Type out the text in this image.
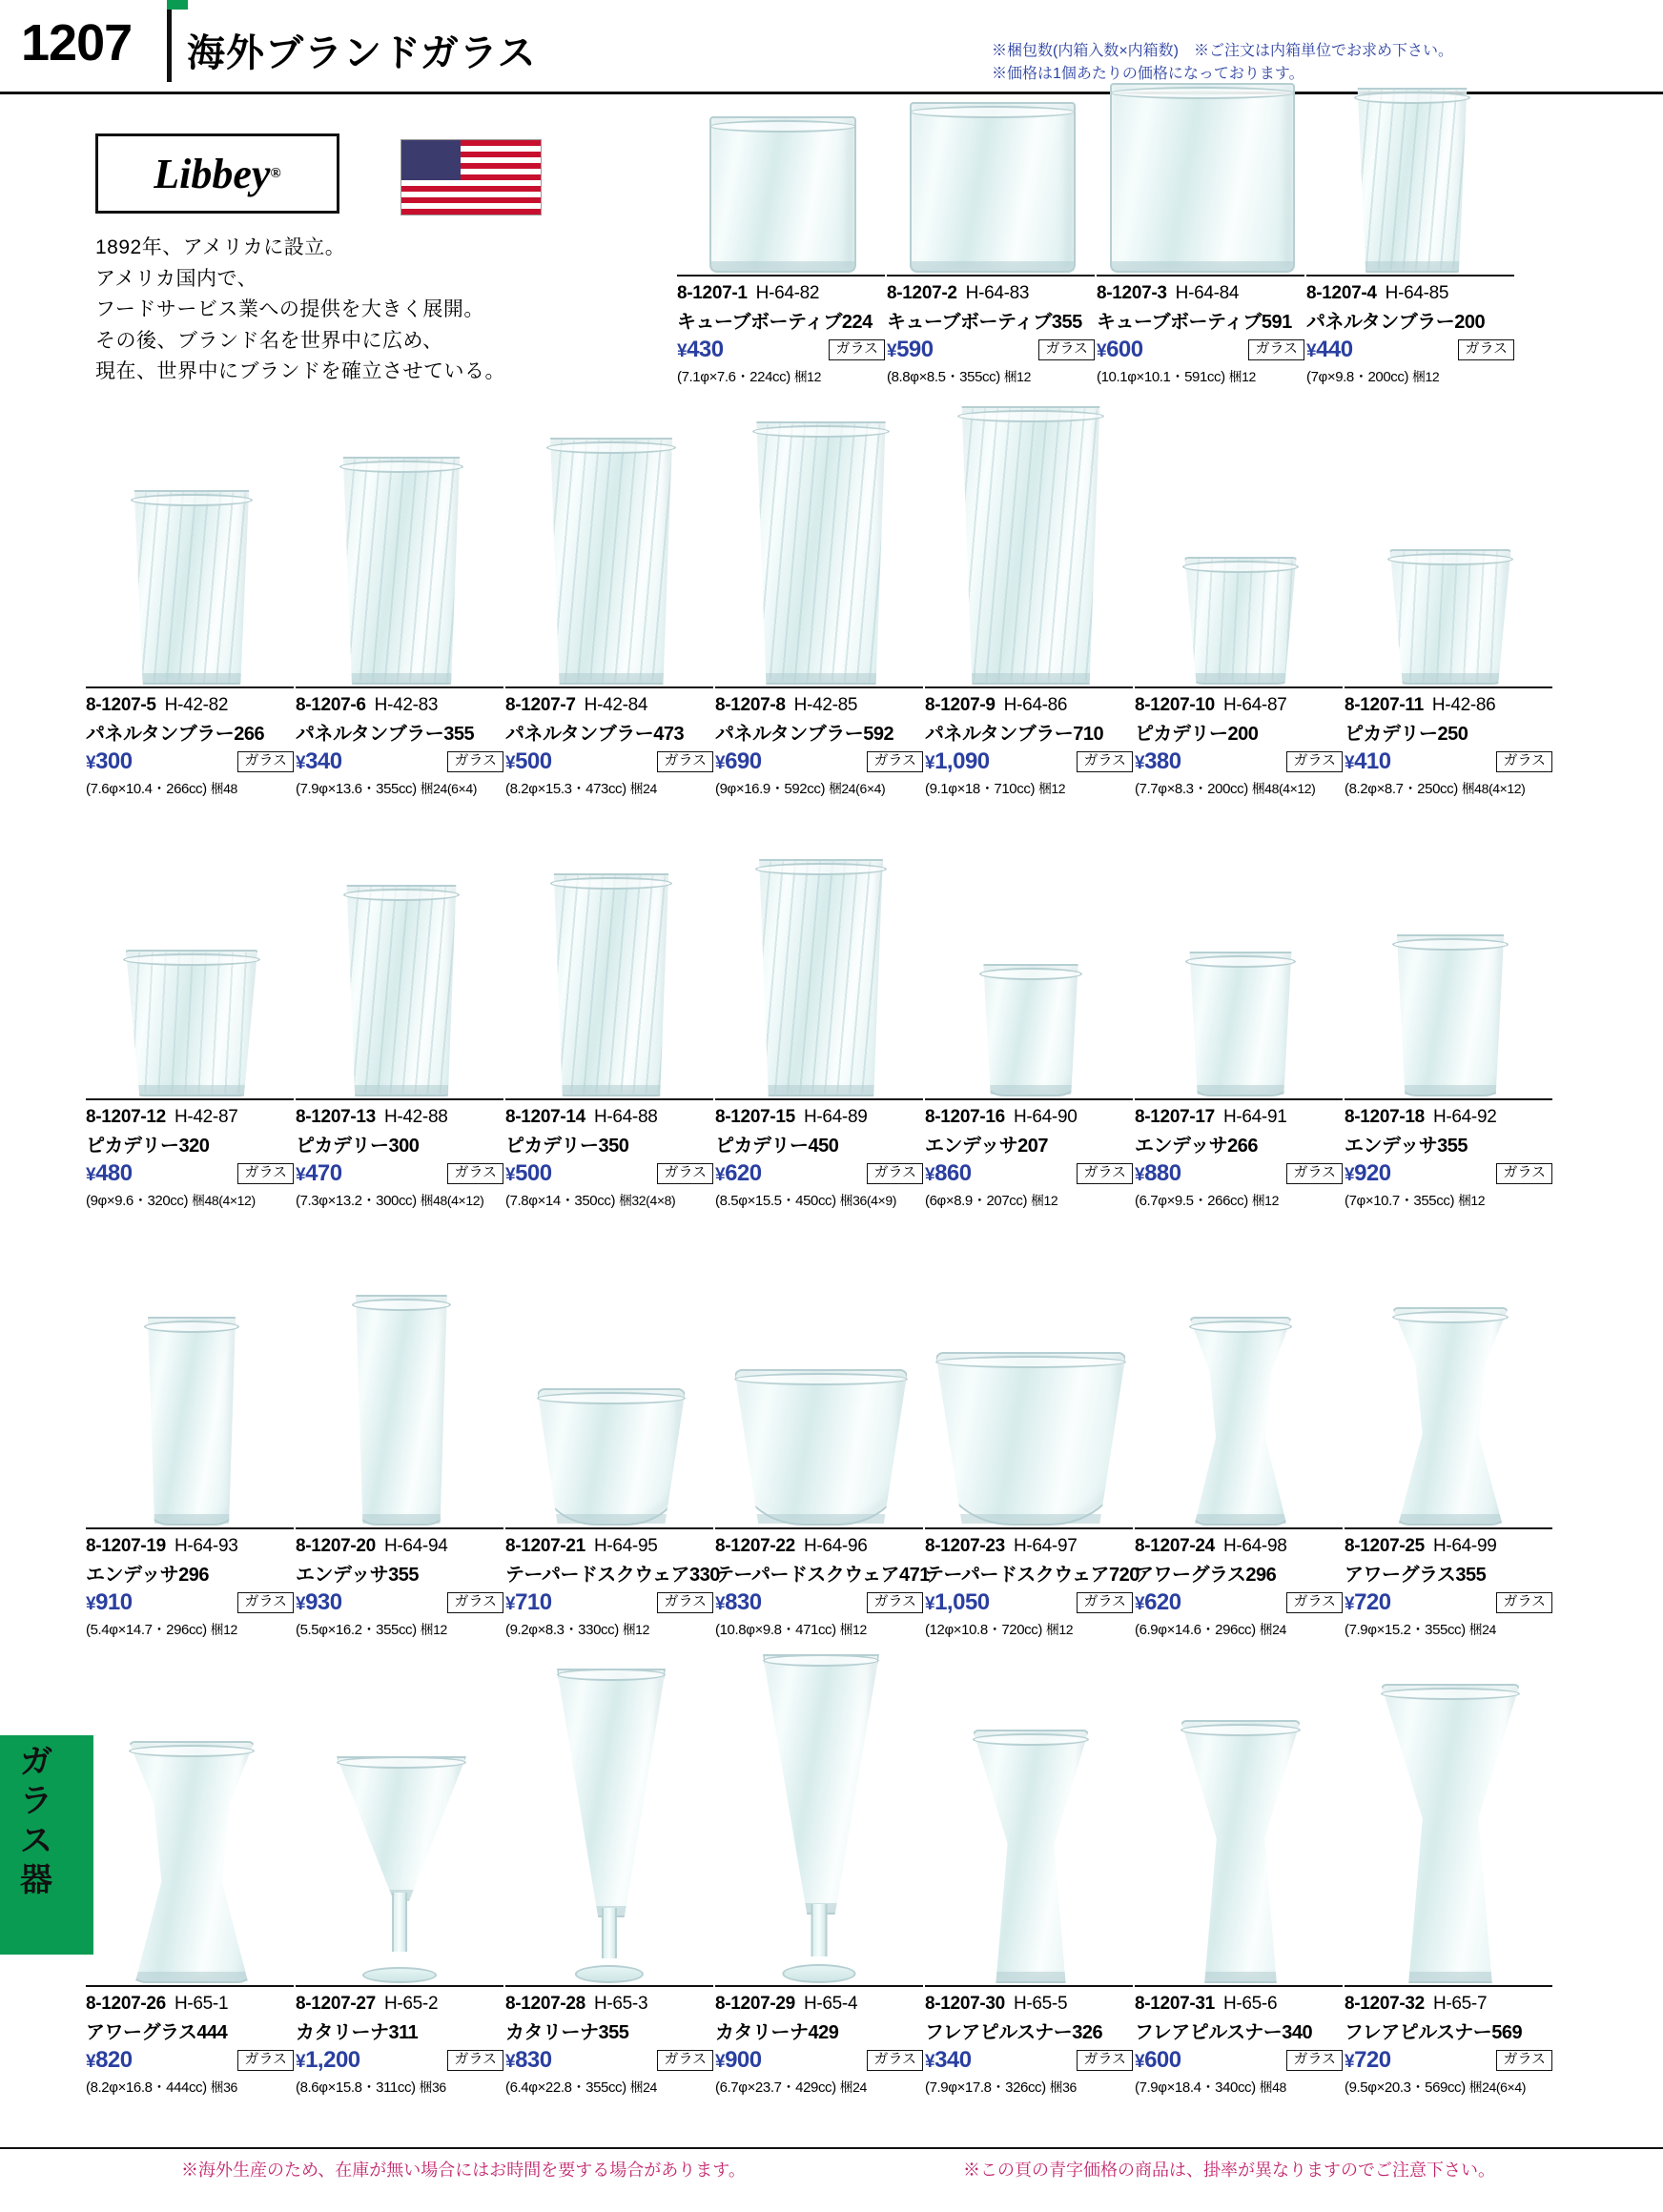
1207 海外ブランドガラス	※梱包数(内箱入数×内箱数)　※ご注文は内箱単位でお求め下さい。
※価格は1個あたりの価格になっております。
Libbey ®
1892年、アメリカに設立。
アメリカ国内で、
フードサービス業への提供を大きく展開。
その後、ブランド名を世界中に広め、
現在、世界中にブランドを確立させている。
ガラス器
8-1207-1 H-64-82
キューブボーティブ224
¥430	ガラス
(7.1φ×7.6・224cc) 梱12
8-1207-2 H-64-83
キューブボーティブ355
¥590	ガラス
(8.8φ×8.5・355cc) 梱12
8-1207-3 H-64-84
キューブボーティブ591
¥600	ガラス
(10.1φ×10.1・591cc) 梱12
8-1207-4 H-64-85
パネルタンブラー200
¥440	ガラス
(7φ×9.8・200cc) 梱12
8-1207-5 H-42-82
パネルタンブラー266
¥300	ガラス
(7.6φ×10.4・266cc) 梱48
8-1207-6 H-42-83
パネルタンブラー355
¥340	ガラス
(7.9φ×13.6・355cc) 梱24(6×4)
8-1207-7 H-42-84
パネルタンブラー473
¥500	ガラス
(8.2φ×15.3・473cc) 梱24
8-1207-8 H-42-85
パネルタンブラー592
¥690	ガラス
(9φ×16.9・592cc) 梱24(6×4)
8-1207-9 H-64-86
パネルタンブラー710
¥1,090	ガラス
(9.1φ×18・710cc) 梱12
8-1207-10 H-64-87
ピカデリー200
¥380	ガラス
(7.7φ×8.3・200cc) 梱48(4×12)
8-1207-11 H-42-86
ピカデリー250
¥410	ガラス
(8.2φ×8.7・250cc) 梱48(4×12)
8-1207-12 H-42-87
ピカデリー320
¥480	ガラス
(9φ×9.6・320cc) 梱48(4×12)
8-1207-13 H-42-88
ピカデリー300
¥470	ガラス
(7.3φ×13.2・300cc) 梱48(4×12)
8-1207-14 H-64-88
ピカデリー350
¥500	ガラス
(7.8φ×14・350cc) 梱32(4×8)
8-1207-15 H-64-89
ピカデリー450
¥620	ガラス
(8.5φ×15.5・450cc) 梱36(4×9)
8-1207-16 H-64-90
エンデッサ207
¥860	ガラス
(6φ×8.9・207cc) 梱12
8-1207-17 H-64-91
エンデッサ266
¥880	ガラス
(6.7φ×9.5・266cc) 梱12
8-1207-18 H-64-92
エンデッサ355
¥920	ガラス
(7φ×10.7・355cc) 梱12
8-1207-19 H-64-93
エンデッサ296
¥910	ガラス
(5.4φ×14.7・296cc) 梱12
8-1207-20 H-64-94
エンデッサ355
¥930	ガラス
(5.5φ×16.2・355cc) 梱12
8-1207-21 H-64-95
テーパードスクウェア330
¥710	ガラス
(9.2φ×8.3・330cc) 梱12
8-1207-22 H-64-96
テーパードスクウェア471
¥830	ガラス
(10.8φ×9.8・471cc) 梱12
8-1207-23 H-64-97
テーパードスクウェア720
¥1,050	ガラス
(12φ×10.8・720cc) 梱12
8-1207-24 H-64-98
アワーグラス296
¥620	ガラス
(6.9φ×14.6・296cc) 梱24
8-1207-25 H-64-99
アワーグラス355
¥720	ガラス
(7.9φ×15.2・355cc) 梱24
8-1207-26 H-65-1
アワーグラス444
¥820	ガラス
(8.2φ×16.8・444cc) 梱36
8-1207-27 H-65-2
カタリーナ311
¥1,200	ガラス
(8.6φ×15.8・311cc) 梱36
8-1207-28 H-65-3
カタリーナ355
¥830	ガラス
(6.4φ×22.8・355cc) 梱24
8-1207-29 H-65-4
カタリーナ429
¥900	ガラス
(6.7φ×23.7・429cc) 梱24
8-1207-30 H-65-5
フレアピルスナー326
¥340	ガラス
(7.9φ×17.8・326cc) 梱36
8-1207-31 H-65-6
フレアピルスナー340
¥600	ガラス
(7.9φ×18.4・340cc) 梱48
8-1207-32 H-65-7
フレアピルスナー569
¥720	ガラス
(9.5φ×20.3・569cc) 梱24(6×4)
※海外生産のため、在庫が無い場合にはお時間を要する場合があります。	※この頁の青字価格の商品は、掛率が異なりますのでご注意下さい。
